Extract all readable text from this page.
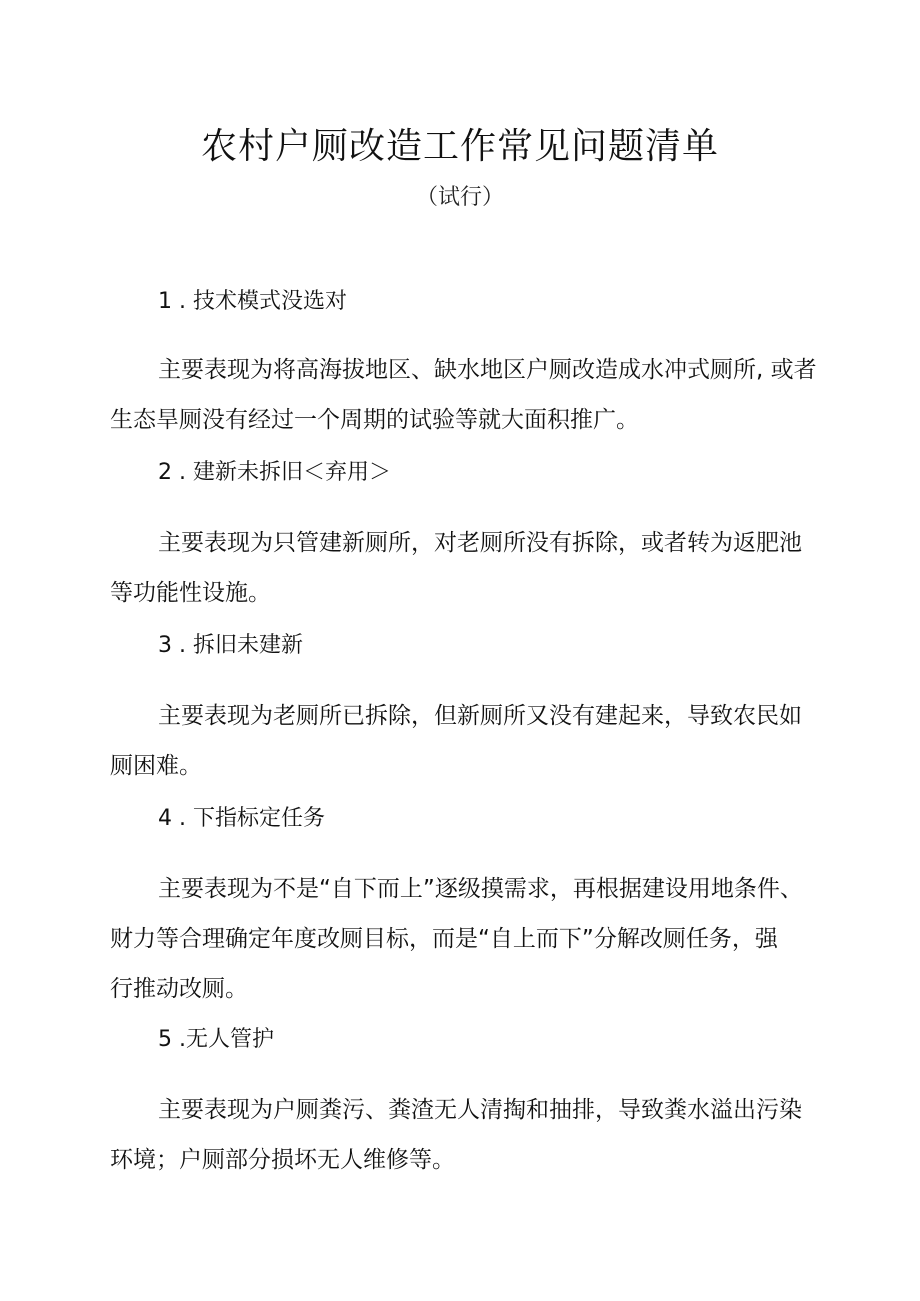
农村户厕改造工作常见问题清单
（试行）
1 . 技术模式没选对
主要表现为将高海拔地区、缺水地区户厕改造成水冲式厕所, 或者
生态旱厕没有经过一个周期的试验等就大面积推广。
2 . 建新未拆旧＜弃用＞
主要表现为只管建新厕所，对老厕所没有拆除，或者转为返肥池
等功能性设施。
3 . 拆旧未建新
主要表现为老厕所已拆除，但新厕所又没有建起来，导致农民如
厕困难。
4 . 下指标定任务
主要表现为不是“自下而上”逐级摸需求，再根据建设用地条件、
财力等合理确定年度改厕目标，而是“自上而下”分解改厕任务，强
行推动改厕。
5 .无人管护
主要表现为户厕粪污、粪渣无人清掏和抽排，导致粪水溢出污染
环境；户厕部分损坏无人维修等。
